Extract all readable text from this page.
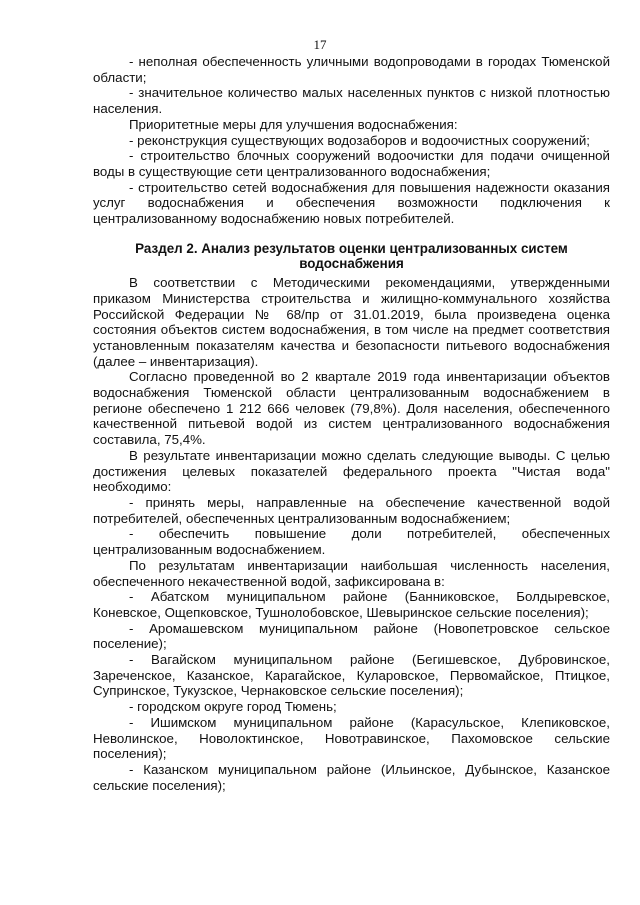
17

- неполная обеспеченность уличными водопроводами в городах Тюменской области;

- значительное количество малых населенных пунктов с низкой плотностью населения.

Приоритетные меры для улучшения водоснабжения:

- реконструкция существующих водозаборов и водоочистных сооружений;

- строительство блочных сооружений водоочистки для подачи очищенной воды в существующие сети централизованного водоснабжения;

- строительство сетей водоснабжения для повышения надежности оказания услуг водоснабжения и обеспечения возможности подключения к централизованному водоснабжению новых потребителей.

Раздел 2. Анализ результатов оценки централизованных систем
водоснабжения

В соответствии с Методическими рекомендациями, утвержденными приказом Министерства строительства и жилищно-коммунального хозяйства Российской Федерации № 68/пр от 31.01.2019, была произведена оценка состояния объектов систем водоснабжения, в том числе на предмет соответствия установленным показателям качества и безопасности питьевого водоснабжения (далее – инвентаризация).

Согласно проведенной во 2 квартале 2019 года инвентаризации объектов водоснабжения Тюменской области централизованным водоснабжением в регионе обеспечено 1 212 666 человек (79,8%). Доля населения, обеспеченного качественной питьевой водой из систем централизованного водоснабжения составила, 75,4%.

В результате инвентаризации можно сделать следующие выводы. С целью достижения целевых показателей федерального проекта "Чистая вода" необходимо:

- принять меры, направленные на обеспечение качественной водой потребителей, обеспеченных централизованным водоснабжением;

- обеспечить повышение доли потребителей, обеспеченных централизованным водоснабжением.

По результатам инвентаризации наибольшая численность населения, обеспеченного некачественной водой, зафиксирована в:

- Абатском муниципальном районе (Банниковское, Болдыревское, Коневское, Ощепковское, Тушнолобовское, Шевыринское сельские поселения);

- Аромашевском муниципальном районе (Новопетровское сельское поселение);

- Вагайском муниципальном районе (Бегишевское, Дубровинское, Зареченское, Казанское, Карагайское, Куларовское, Первомайское, Птицкое, Супринское, Тукузское, Чернаковское сельские поселения);

- городском округе город Тюмень;

- Ишимском муниципальном районе (Карасульское, Клепиковское, Неволинское, Новолоктинское, Новотравинское, Пахомовское сельские поселения);

- Казанском муниципальном районе (Ильинское, Дубынское, Казанское сельские поселения);
